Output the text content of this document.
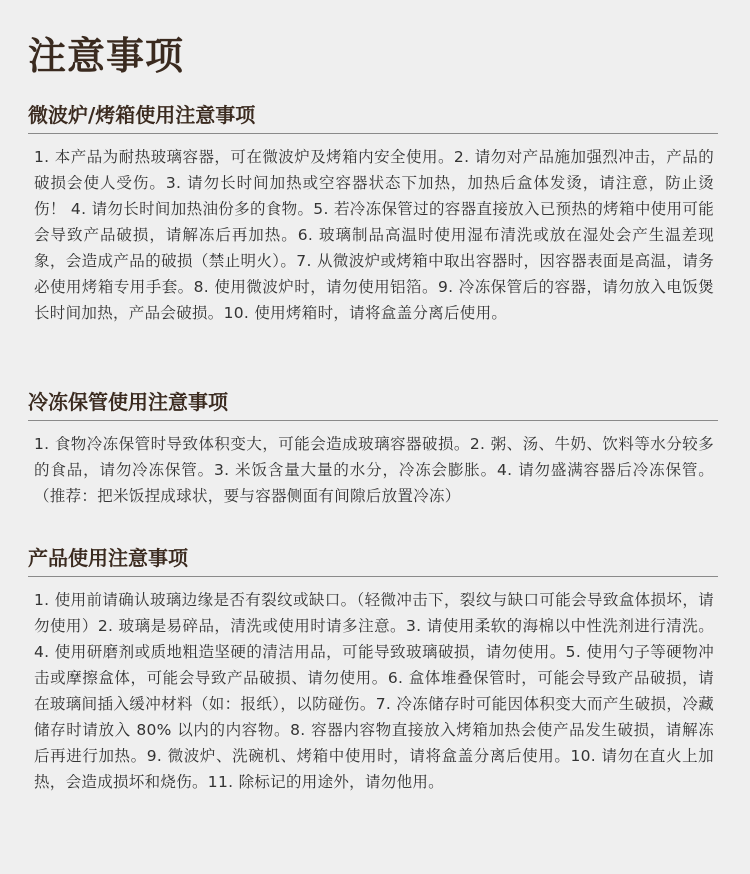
注意事项
微波炉/烤箱使用注意事项

1. 本产品为耐热玻璃容器，可在微波炉及烤箱内安全使用。2. 请勿对产品施加强烈冲击，产品的破损会使人受伤。3. 请勿长时间加热或空容器状态下加热，加热后盒体发烫，请注意，防止烫伤！ 4. 请勿长时间加热油份多的食物。5. 若冷冻保管过的容器直接放入已预热的烤箱中使用可能会导致产品破损，请解冻后再加热。6. 玻璃制品高温时使用湿布清洗或放在湿处会产生温差现象，会造成产品的破损（禁止明火）。7. 从微波炉或烤箱中取出容器时，因容器表面是高温，请务必使用烤箱专用手套。8. 使用微波炉时，请勿使用铝箔。9. 冷冻保管后的容器，请勿放入电饭煲长时间加热，产品会破损。10. 使用烤箱时，请将盒盖分离后使用。

冷冻保管使用注意事项

1. 食物冷冻保管时导致体积变大，可能会造成玻璃容器破损。2. 粥、汤、牛奶、饮料等水分较多的食品，请勿冷冻保管。3. 米饭含量大量的水分，冷冻会膨胀。4. 请勿盛满容器后冷冻保管。（推荐：把米饭捏成球状，要与容器侧面有间隙后放置冷冻）

产品使用注意事项

1. 使用前请确认玻璃边缘是否有裂纹或缺口。（轻微冲击下，裂纹与缺口可能会导致盒体损坏，请勿使用）2. 玻璃是易碎品，清洗或使用时请多注意。3. 请使用柔软的海棉以中性洗剂进行清洗。4. 使用研磨剂或质地粗造坚硬的清洁用品，可能导致玻璃破损，请勿使用。5. 使用勺子等硬物冲击或摩擦盒体，可能会导致产品破损、请勿使用。6. 盒体堆叠保管时，可能会导致产品破损，请在玻璃间插入缓冲材料（如：报纸），以防碰伤。7. 冷冻储存时可能因体积变大而产生破损，冷藏储存时请放入 80% 以内的内容物。8. 容器内容物直接放入烤箱加热会使产品发生破损，请解冻后再进行加热。9. 微波炉、洗碗机、烤箱中使用时，请将盒盖分离后使用。10. 请勿在直火上加热，会造成损坏和烧伤。11. 除标记的用途外，请勿他用。
